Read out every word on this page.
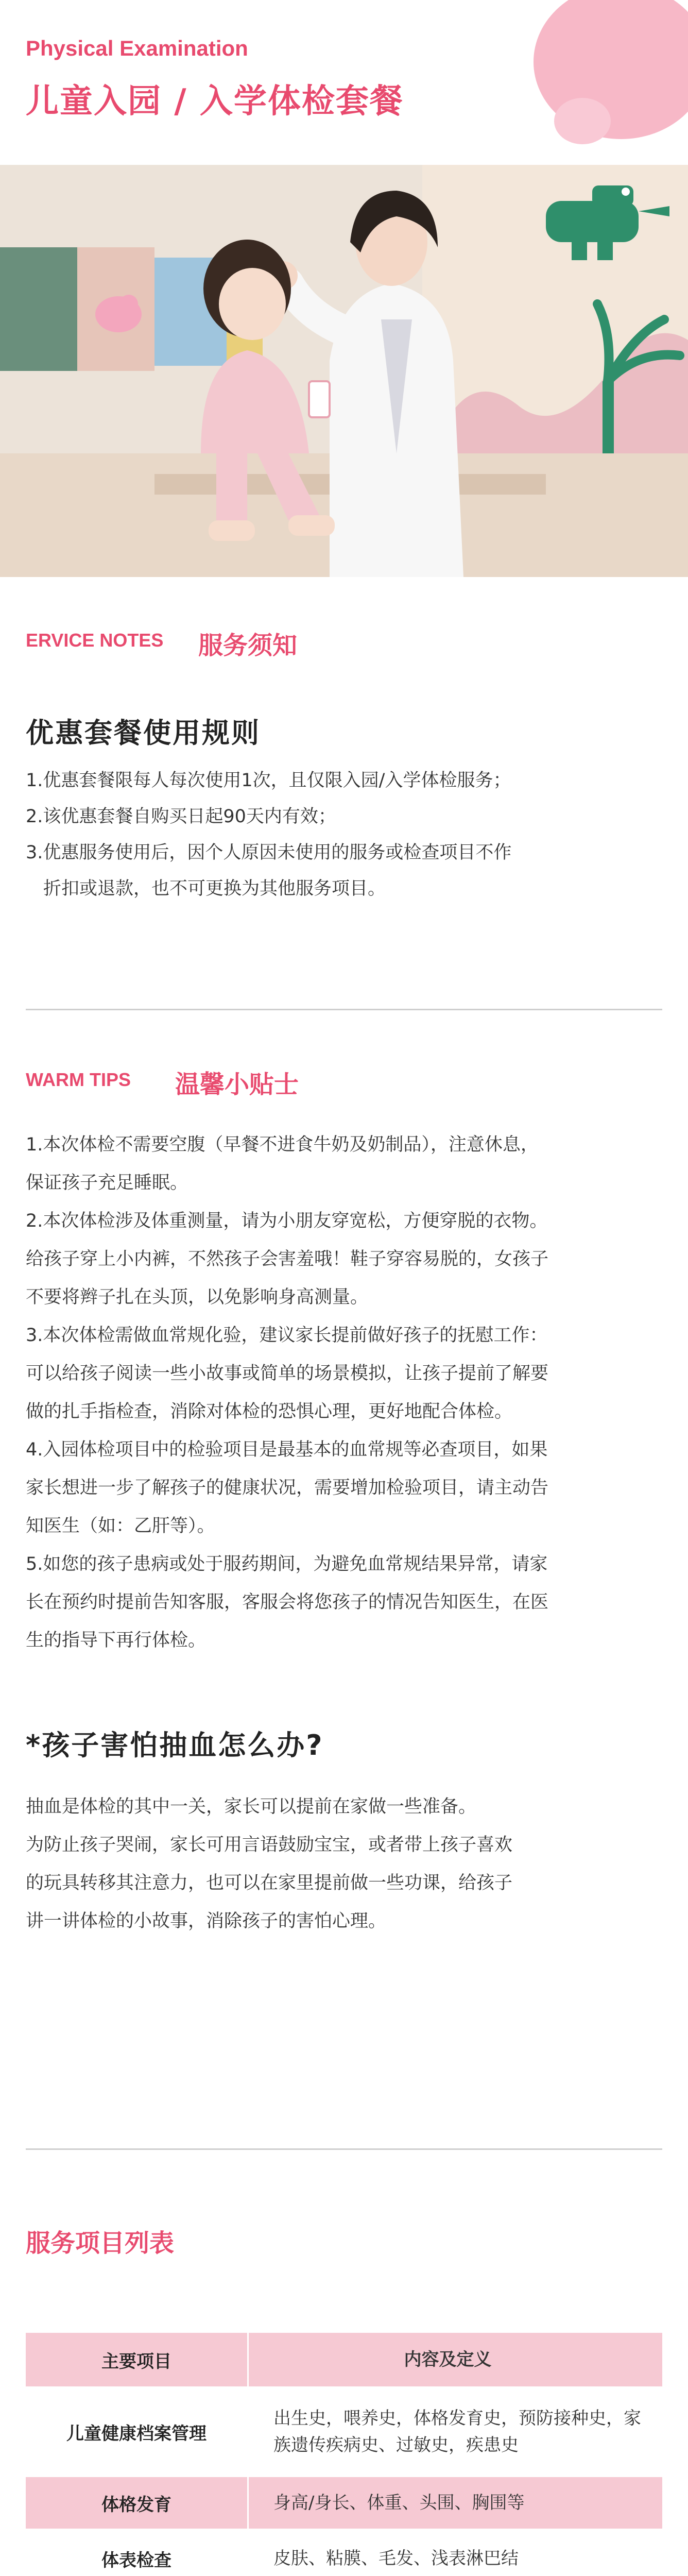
Physical Examination
儿童入园 / 入学体检套餐
ERVICE NOTES 服务须知
优惠套餐使用规则

1.优惠套餐限每人每次使用1次，且仅限入园/入学体检服务；

2.该优惠套餐自购买日起90天内有效；

3.优惠服务使用后，因个人原因未使用的服务或检查项目不作

折扣或退款，也不可更换为其他服务项目。

WARM TIPS 温馨小贴士

1.本次体检不需要空腹（早餐不进食牛奶及奶制品），注意休息，

保证孩子充足睡眠。

2.本次体检涉及体重测量，请为小朋友穿宽松，方便穿脱的衣物。

给孩子穿上小内裤，不然孩子会害羞哦！鞋子穿容易脱的，女孩子

不要将辫子扎在头顶，以免影响身高测量。

3.本次体检需做血常规化验，建议家长提前做好孩子的抚慰工作：

可以给孩子阅读一些小故事或简单的场景模拟，让孩子提前了解要

做的扎手指检查，消除对体检的恐惧心理，更好地配合体检。

4.入园体检项目中的检验项目是最基本的血常规等必查项目，如果

家长想进一步了解孩子的健康状况，需要增加检验项目，请主动告

知医生（如：乙肝等）。

5.如您的孩子患病或处于服药期间，为避免血常规结果异常，请家

长在预约时提前告知客服，客服会将您孩子的情况告知医生，在医

生的指导下再行体检。

*孩子害怕抽血怎么办?

抽血是体检的其中一关，家长可以提前在家做一些准备。

为防止孩子哭闹，家长可用言语鼓励宝宝，或者带上孩子喜欢

的玩具转移其注意力，也可以在家里提前做一些功课，给孩子

讲一讲体检的小故事，消除孩子的害怕心理。

服务项目列表
主要项目	内容及定义
儿童健康档案管理	出生史，喂养史，体格发育史，预防接种史，家族遗传疾病史、过敏史，疾患史
体格发育	身高/身长、体重、头围、胸围等
体表检查	皮肤、粘膜、毛发、浅表淋巴结
